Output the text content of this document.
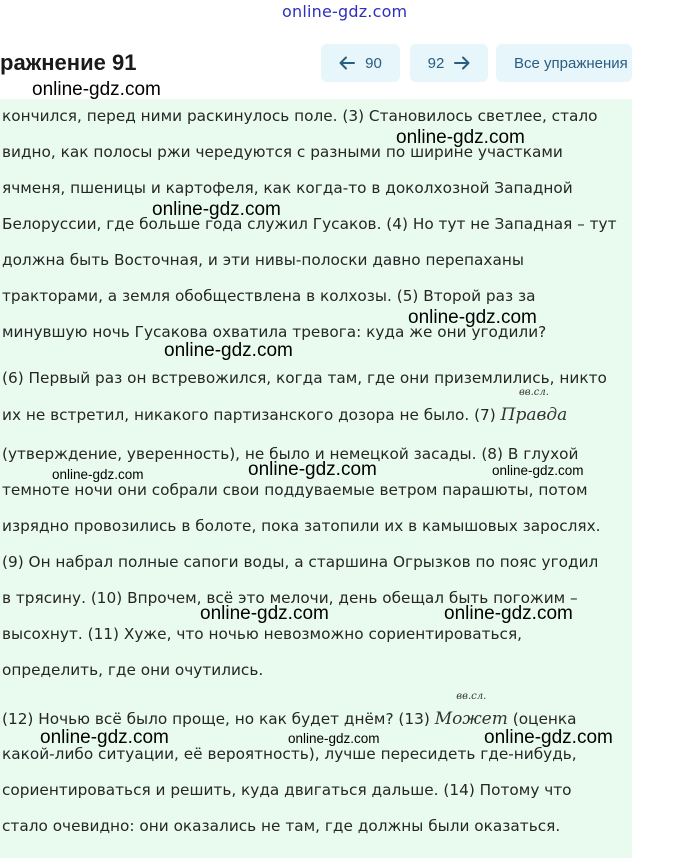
online-gdz.com
ражнение 91	90	92	Все упражнения
кончился, перед ними раскинулось поле. (3) Становилось светлее, стало
видно, как полосы ржи чередуются с разными по ширине участками
ячменя, пшеницы и картофеля, как когда-то в доколхозной Западной
Белоруссии, где больше года служил Гусаков. (4) Но тут не Западная – тут
должна быть Восточная, и эти нивы-полоски давно перепаханы
тракторами, а земля обобществлена в колхозы. (5) Второй раз за
минувшую ночь Гусакова охватила тревога: куда же они угодили?
(6) Первый раз он встревожился, когда там, где они приземлились, никто
их не встретил, никакого партизанского дозора не было. (7)
вв.сл.
Правда
(утверждение, уверенность), не было и немецкой засады. (8) В глухой
темноте ночи они собрали свои поддуваемые ветром парашюты, потом
изрядно провозились в болоте, пока затопили их в камышовых зарослях.
(9) Он набрал полные сапоги воды, а старшина Огрызков по пояс угодил
в трясину. (10) Впрочем, всё это мелочи, день обещал быть погожим –
высохнут. (11) Хуже, что ночью невозможно сориентироваться,
определить, где они очутились.
(12) Ночью всё было проще, но как будет днём? (13)
вв.сл.
Может (оценка
какой-либо ситуации, её вероятность), лучше пересидеть где-нибудь,
сориентироваться и решить, куда двигаться дальше. (14) Потому что
стало очевидно: они оказались не там, где должны были оказаться.
online-gdz.com
online-gdz.com
online-gdz.com
online-gdz.com
online-gdz.com
online-gdz.com
online-gdz.com	online-gdz.com
online-gdz.com	online-gdz.com
online-gdz.com	online-gdz.com	online-gdz.com
